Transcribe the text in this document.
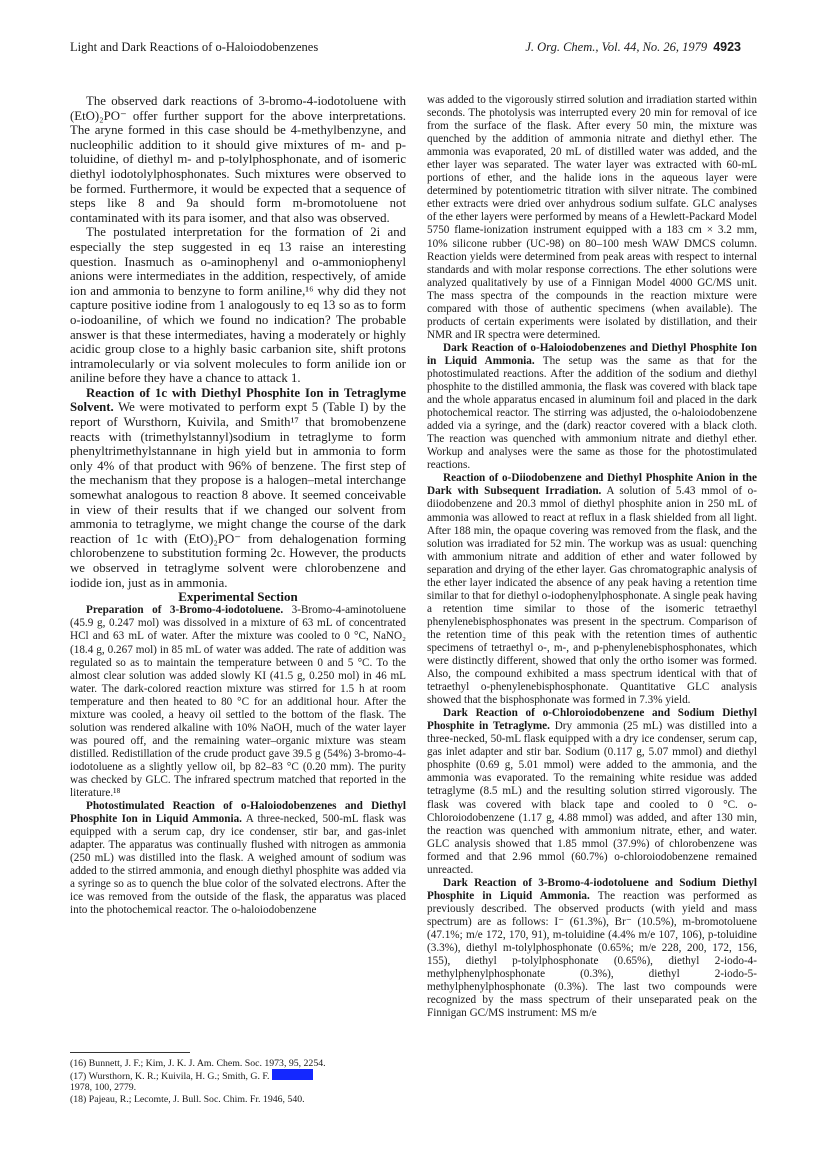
Light and Dark Reactions of o-Haloiodobenzenes	J. Org. Chem., Vol. 44, No. 26, 1979 4923

The observed dark reactions of 3-bromo-4-iodotoluene with (EtO)₂PO⁻ offer further support for the above interpretations. The aryne formed in this case should be 4-methylbenzyne, and nucleophilic addition to it should give mixtures of m- and p-toluidine, of diethyl m- and p-tolylphosphonate, and of isomeric diethyl iodotolylphosphonates. Such mixtures were observed to be formed. Furthermore, it would be expected that a sequence of steps like 8 and 9a should form m-bromotoluene not contaminated with its para isomer, and that also was observed.

The postulated interpretation for the formation of 2i and especially the step suggested in eq 13 raise an interesting question. Inasmuch as o-aminophenyl and o-ammoniophenyl anions were intermediates in the addition, respectively, of amide ion and ammonia to benzyne to form aniline,¹⁶ why did they not capture positive iodine from 1 analogously to eq 13 so as to form o-iodoaniline, of which we found no indication? The probable answer is that these intermediates, having a moderately or highly acidic group close to a highly basic carbanion site, shift protons intramolecularly or via solvent molecules to form anilide ion or aniline before they have a chance to attack 1.

Reaction of 1c with Diethyl Phosphite Ion in Tetraglyme Solvent. We were motivated to perform expt 5 (Table I) by the report of Wursthorn, Kuivila, and Smith¹⁷ that bromobenzene reacts with (trimethylstannyl)sodium in tetraglyme to form phenyltrimethylstannane in high yield but in ammonia to form only 4% of that product with 96% of benzene. The first step of the mechanism that they propose is a halogen–metal interchange somewhat analogous to reaction 8 above. It seemed conceivable in view of their results that if we changed our solvent from ammonia to tetraglyme, we might change the course of the dark reaction of 1c with (EtO)₂PO⁻ from dehalogenation forming chlorobenzene to substitution forming 2c. However, the products we observed in tetraglyme solvent were chlorobenzene and iodide ion, just as in ammonia.

Experimental Section

Preparation of 3-Bromo-4-iodotoluene. 3-Bromo-4-aminotoluene (45.9 g, 0.247 mol) was dissolved in a mixture of 63 mL of concentrated HCl and 63 mL of water. After the mixture was cooled to 0 °C, NaNO₂ (18.4 g, 0.267 mol) in 85 mL of water was added. The rate of addition was regulated so as to maintain the temperature between 0 and 5 °C. To the almost clear solution was added slowly KI (41.5 g, 0.250 mol) in 46 mL water. The dark-colored reaction mixture was stirred for 1.5 h at room temperature and then heated to 80 °C for an additional hour. After the mixture was cooled, a heavy oil settled to the bottom of the flask. The solution was rendered alkaline with 10% NaOH, much of the water layer was poured off, and the remaining water–organic mixture was steam distilled. Redistillation of the crude product gave 39.5 g (54%) 3-bromo-4-iodotoluene as a slightly yellow oil, bp 82–83 °C (0.20 mm). The purity was checked by GLC. The infrared spectrum matched that reported in the literature.¹⁸

Photostimulated Reaction of o-Haloiodobenzenes and Diethyl Phosphite Ion in Liquid Ammonia. A three-necked, 500-mL flask was equipped with a serum cap, dry ice condenser, stir bar, and gas-inlet adapter. The apparatus was continually flushed with nitrogen as ammonia (250 mL) was distilled into the flask. A weighed amount of sodium was added to the stirred ammonia, and enough diethyl phosphite was added via a syringe so as to quench the blue color of the solvated electrons. After the ice was removed from the outside of the flask, the apparatus was placed into the photochemical reactor. The o-haloiodobenzene

(16) Bunnett, J. F.; Kim, J. K. J. Am. Chem. Soc. 1973, 95, 2254.
(17) Wursthorn, K. R.; Kuivila, H. G.; Smith, G. F.
1978, 100, 2779.
(18) Pajeau, R.; Lecomte, J. Bull. Soc. Chim. Fr. 1946, 540.

was added to the vigorously stirred solution and irradiation started within seconds. The photolysis was interrupted every 20 min for removal of ice from the surface of the flask. After every 50 min, the mixture was quenched by the addition of ammonia nitrate and diethyl ether. The ammonia was evaporated, 20 mL of distilled water was added, and the ether layer was separated. The water layer was extracted with 60-mL portions of ether, and the halide ions in the aqueous layer were determined by potentiometric titration with silver nitrate. The combined ether extracts were dried over anhydrous sodium sulfate. GLC analyses of the ether layers were performed by means of a Hewlett-Packard Model 5750 flame-ionization instrument equipped with a 183 cm × 3.2 mm, 10% silicone rubber (UC-98) on 80–100 mesh WAW DMCS column. Reaction yields were determined from peak areas with respect to internal standards and with molar response corrections. The ether solutions were analyzed qualitatively by use of a Finnigan Model 4000 GC/MS unit. The mass spectra of the compounds in the reaction mixture were compared with those of authentic specimens (when available). The products of certain experiments were isolated by distillation, and their NMR and IR spectra were determined.

Dark Reaction of o-Haloiodobenzenes and Diethyl Phosphite Ion in Liquid Ammonia. The setup was the same as that for the photostimulated reactions. After the addition of the sodium and diethyl phosphite to the distilled ammonia, the flask was covered with black tape and the whole apparatus encased in aluminum foil and placed in the dark photochemical reactor. The stirring was adjusted, the o-haloiodobenzene added via a syringe, and the (dark) reactor covered with a black cloth. The reaction was quenched with ammonium nitrate and diethyl ether. Workup and analyses were the same as those for the photostimulated reactions.

Reaction of o-Diiodobenzene and Diethyl Phosphite Anion in the Dark with Subsequent Irradiation. A solution of 5.43 mmol of o-diiodobenzene and 20.3 mmol of diethyl phosphite anion in 250 mL of ammonia was allowed to react at reflux in a flask shielded from all light. After 188 min, the opaque covering was removed from the flask, and the solution was irradiated for 52 min. The workup was as usual: quenching with ammonium nitrate and addition of ether and water followed by separation and drying of the ether layer. Gas chromatographic analysis of the ether layer indicated the absence of any peak having a retention time similar to that for diethyl o-iodophenylphosphonate. A single peak having a retention time similar to those of the isomeric tetraethyl phenylenebisphosphonates was present in the spectrum. Comparison of the retention time of this peak with the retention times of authentic specimens of tetraethyl o-, m-, and p-phenylenebisphosphonates, which were distinctly different, showed that only the ortho isomer was formed. Also, the compound exhibited a mass spectrum identical with that of tetraethyl o-phenylenebisphosphonate. Quantitative GLC analysis showed that the bisphosphonate was formed in 7.3% yield.

Dark Reaction of o-Chloroiodobenzene and Sodium Diethyl Phosphite in Tetraglyme. Dry ammonia (25 mL) was distilled into a three-necked, 50-mL flask equipped with a dry ice condenser, serum cap, gas inlet adapter and stir bar. Sodium (0.117 g, 5.07 mmol) and diethyl phosphite (0.69 g, 5.01 mmol) were added to the ammonia, and the ammonia was evaporated. To the remaining white residue was added tetraglyme (8.5 mL) and the resulting solution stirred vigorously. The flask was covered with black tape and cooled to 0 °C. o-Chloroiodobenzene (1.17 g, 4.88 mmol) was added, and after 130 min, the reaction was quenched with ammonium nitrate, ether, and water. GLC analysis showed that 1.85 mmol (37.9%) of chlorobenzene was formed and that 2.96 mmol (60.7%) o-chloroiodobenzene remained unreacted.

Dark Reaction of 3-Bromo-4-iodotoluene and Sodium Diethyl Phosphite in Liquid Ammonia. The reaction was performed as previously described. The observed products (with yield and mass spectrum) are as follows: I⁻ (61.3%), Br⁻ (10.5%), m-bromotoluene (47.1%; m/e 172, 170, 91), m-toluidine (4.4% m/e 107, 106), p-toluidine (3.3%), diethyl m-tolylphosphonate (0.65%; m/e 228, 200, 172, 156, 155), diethyl p-tolylphosphonate (0.65%), diethyl 2-iodo-4-methylphenylphosphonate (0.3%), diethyl 2-iodo-5-methylphenylphosphonate (0.3%). The last two compounds were recognized by the mass spectrum of their unseparated peak on the Finnigan GC/MS instrument: MS m/e
